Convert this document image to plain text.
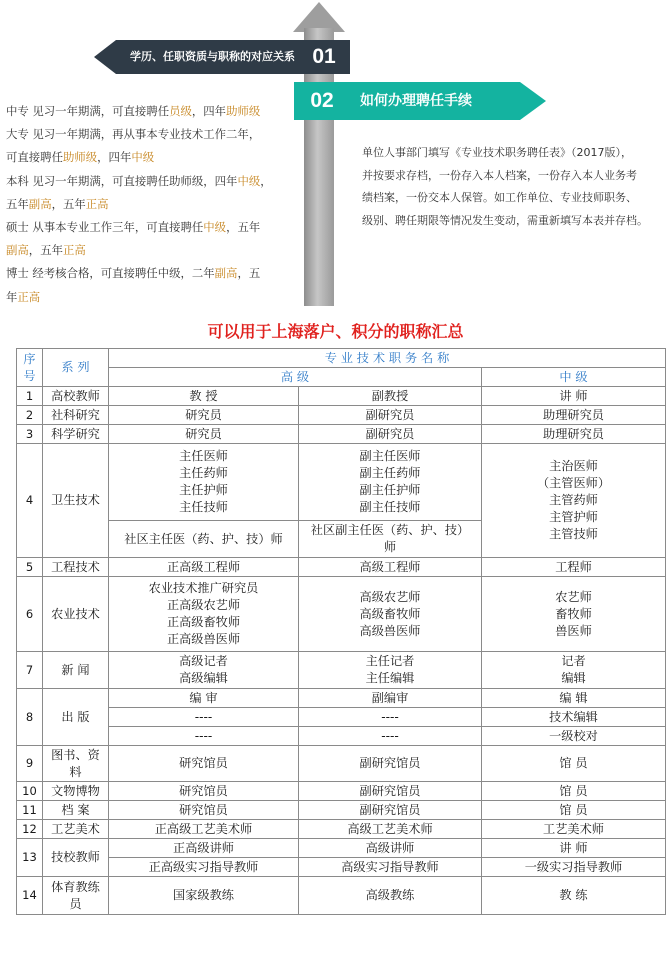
学历、任职资质与职称的对应关系 01
02	如何办理聘任手续
中专 见习一年期满，可直接聘任员级，四年助师级
大专 见习一年期满，再从事本专业技术工作二年，
可直接聘任助师级，四年中级
本科 见习一年期满，可直接聘任助师级，四年中级，
五年副高，五年正高
硕士 从事本专业工作三年，可直接聘任中级，五年
副高，五年正高
博士 经考核合格，可直接聘任中级，二年副高，五
年正高
单位人事部门填写《专业技术职务聘任表》（2017版），
并按要求存档，一份存入本人档案，一份存入本人业务考
绩档案，一份交本人保管。如工作单位、专业技师职务、
级别、聘任期限等情况发生变动，需重新填写本表并存档。
可以用于上海落户、积分的职称汇总
序
号	系 列	专 业 技 术 职 务 名 称		
		高 级		中 级
1	高校教师	教 授	副教授	讲 师
2	社科研究	研究员	副研究员	助理研究员
3	科学研究	研究员	副研究员	助理研究员
4	卫生技术	主任医师
主任药师
主任护师
主任技师	副主任医师
副主任药师
副主任护师
副主任技师	主治医师
（主管医师）
主管药师
主管护师
主管技师

		社区主任医（药、护、技）师	社区副主任医（药、护、技）
师	

5	工程技术	正高级工程师	高级工程师	工程师
6	农业技术	农业技术推广研究员
正高级农艺师
正高级畜牧师
正高级兽医师	高级农艺师
高级畜牧师
高级兽医师	农艺师
畜牧师
兽医师

7	新 闻	高级记者
高级编辑	主任记者
主任编辑	记者
编辑

8	出 版	编 审	副编审	编 辑
		----	----	技术编辑
		----	----	一级校对
9	图书、资
料	研究馆员	副研究馆员	馆 员
10	文物博物	研究馆员	副研究馆员	馆 员
11	档 案	研究馆员	副研究馆员	馆 员
12	工艺美术	正高级工艺美术师	高级工艺美术师	工艺美术师
13	技校教师	正高级讲师	高级讲师	讲 师
		正高级实习指导教师	高级实习指导教师	一级实习指导教师
14	体育教练
员	国家级教练	高级教练	教 练
